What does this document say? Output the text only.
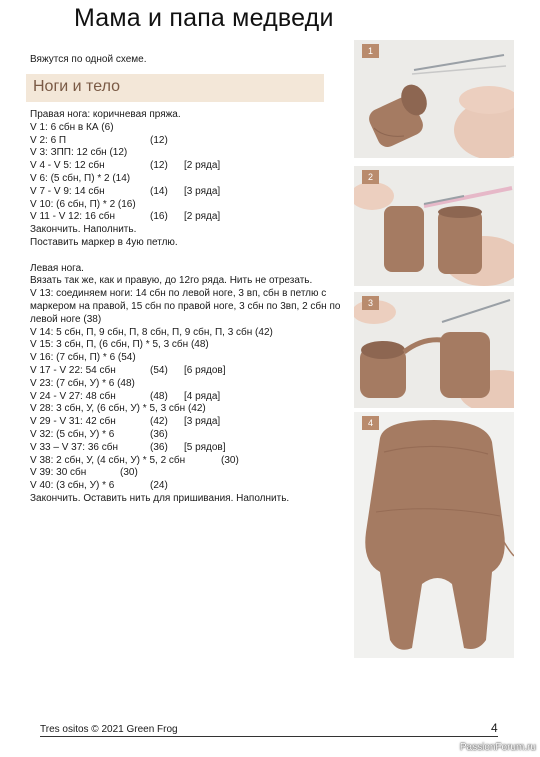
Мама и папа медведи
Вяжутся по одной схеме.
Ноги и тело
Правая нога: коричневая пряжа.
V 1: 6 сбн в КА (6)
V 2: 6 П	(12)
V 3: ЗПП: 12 сбн (12)
V 4 - V 5: 12 сбн	(12) [2 ряда]
V 6: (5 сбн, П) * 2 (14)
V 7 - V 9: 14 сбн	(14) [3 ряда]
V 10: (6 сбн, П) * 2 (16)
V 11 - V 12: 16 сбн	(16) [2 ряда]
Закончить. Наполнить.
Поставить маркер в 4ую петлю.
Левая нога.
Вязать так же, как и правую, до 12го ряда. Нить не отрезать.
V 13: соединяем ноги: 14 сбн по левой ноге, 3 вп, сбн в петлю с маркером на правой, 15 сбн по правой ноге, 3 сбн по 3вп, 2 сбн по левой ноге (38)
V 14: 5 сбн, П, 9 сбн, П, 8 сбн, П, 9 сбн, П, 3 сбн (42)
V 15: 3 сбн, П, (6 сбн, П) * 5, 3 сбн (48)
V 16: (7 сбн, П) * 6 (54)
V 17 - V 22: 54 сбн	(54) [6 рядов]
V 23: (7 сбн, У) * 6 (48)
V 24 - V 27: 48 сбн	(48) [4 ряда]
V 28: 3 сбн, У, (6 сбн, У) * 5, 3 сбн (42)
V 29 - V 31: 42 сбн	(42) [3 ряда]
V 32: (5 сбн, У) * 6	(36)
V 33 – V 37: 36 сбн	(36) [5 рядов]
V 38: 2 сбн, У, (4 сбн, У) * 5, 2 сбн	(30)
V 39: 30 сбн	(30)
V 40: (3 сбн, У) * 6	(24)
Закончить. Оставить нить для пришивания. Наполнить.
1
2
3
4
Tres ositos © 2021 Green Frog	4
PassionForum.ru
